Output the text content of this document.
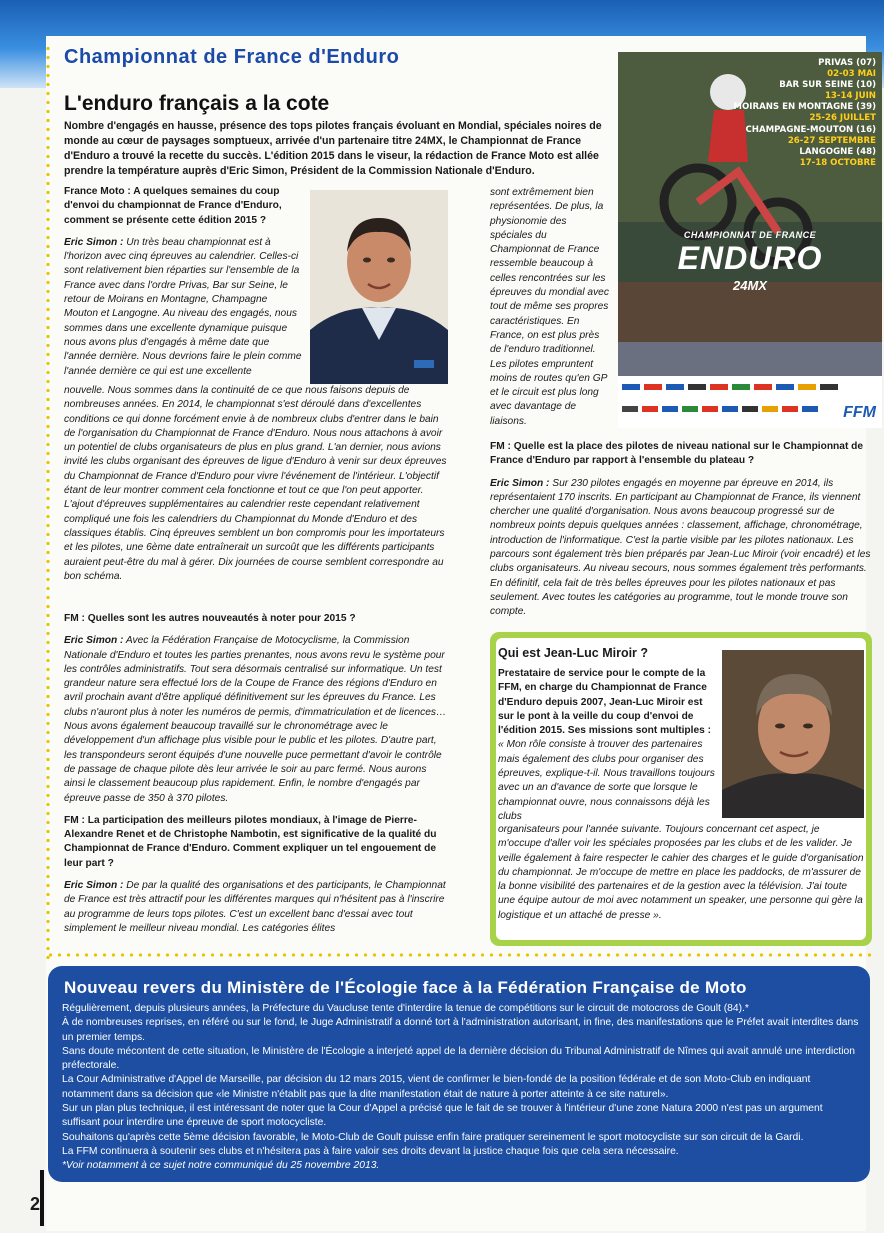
Championnat de France d'Enduro
L'enduro français a la cote

Nombre d'engagés en hausse, présence des tops pilotes français évoluant en Mondial, spéciales noires de monde au cœur de paysages somptueux, arrivée d'un partenaire titre 24MX, le Championnat de France d'Enduro a trouvé la recette du succès. L'édition 2015 dans le viseur, la rédaction de France Moto est allée prendre la température auprès d'Eric Simon, Président de la Commission Nationale d'Enduro.

France Moto : A quelques semaines du coup d'envoi du championnat de France d'Enduro, comment se présente cette édition 2015 ?

Eric Simon : Un très beau championnat est à l'horizon avec cinq épreuves au calendrier. Celles-ci sont relativement bien réparties sur l'ensemble de la France avec dans l'ordre Privas, Bar sur Seine, le retour de Moirans en Montagne, Champagne Mouton et Langogne. Au niveau des engagés, nous sommes dans une excellente dynamique puisque nous avons plus d'engagés à même date que l'année dernière. Nous devrions faire le plein comme l'année dernière ce qui est une excellente

nouvelle. Nous sommes dans la continuité de ce que nous faisons depuis de nombreuses années. En 2014, le championnat s'est déroulé dans d'excellentes conditions ce qui donne forcément envie à de nombreux clubs d'entrer dans le bain de l'organisation du Championnat de France d'Enduro. Nous nous attachons à avoir un potentiel de clubs organisateurs de plus en plus grand. L'an dernier, nous avions invité les clubs organisant des épreuves de ligue d'Enduro à venir sur deux épreuves du Championnat de France d'Enduro pour vivre l'événement de l'intérieur. L'objectif étant de leur montrer comment cela fonctionne et tout ce que l'on peut apporter. L'ajout d'épreuves supplémentaires au calendrier reste cependant relativement compliqué une fois les calendriers du Championnat du Monde d'Enduro et des classiques établis. Cinq épreuves semblent un bon compromis pour les importateurs et les pilotes, une 6ème date entraînerait un surcoût que les différents participants auraient peut-être du mal à gérer. Dix journées de course semblent correspondre au bon schéma.

FM : Quelles sont les autres nouveautés à noter pour 2015 ?

Eric Simon : Avec la Fédération Française de Motocyclisme, la Commission Nationale d'Enduro et toutes les parties prenantes, nous avons revu le système pour les contrôles administratifs. Tout sera désormais centralisé sur informatique. Un test grandeur nature sera effectué lors de la Coupe de France des régions d'Enduro en avril prochain avant d'être appliqué définitivement sur les épreuves du France. Les clubs n'auront plus à noter les numéros de permis, d'immatriculation et de licences… Nous avons également beaucoup travaillé sur le chronométrage avec le développement d'un affichage plus visible pour le public et les pilotes. D'autre part, les transpondeurs seront équipés d'une nouvelle puce permettant d'avoir le contrôle de passage de chaque pilote dès leur arrivée le soir au parc fermé. Nous aurons ainsi le classement beaucoup plus rapidement. Enfin, le nombre d'engagés par épreuve passe de 350 à 370 pilotes.

FM : La participation des meilleurs pilotes mondiaux, à l'image de Pierre-Alexandre Renet et de Christophe Nambotin, est significative de la qualité du Championnat de France d'Enduro. Comment expliquer un tel engouement de leur part ?

Eric Simon : De par la qualité des organisations et des participants, le Championnat de France est très attractif pour les différentes marques qui n'hésitent pas à l'inscrire au programme de leurs tops pilotes. C'est un excellent banc d'essai avec tout simplement le meilleur niveau mondial. Les catégories élites

sont extrêmement bien représentées. De plus, la physionomie des spéciales du Championnat de France ressemble beaucoup à celles rencontrées sur les épreuves du mondial avec tout de même ses propres caractéristiques. En France, on est plus près de l'enduro traditionnel. Les pilotes empruntent moins de routes qu'en GP et le circuit est plus long avec davantage de liaisons.

PRIVAS (07)
02-03 MAI
BAR SUR SEINE (10)
13-14 JUIN
MOIRANS EN MONTAGNE (39)
25-26 JUILLET
CHAMPAGNE-MOUTON (16)
26-27 SEPTEMBRE
LANGOGNE (48)
17-18 OCTOBRE
CHAMPIONNAT DE FRANCE
ENDURO
24MX
FFM

FM : Quelle est la place des pilotes de niveau national sur le Championnat de France d'Enduro par rapport à l'ensemble du plateau ?

Eric Simon : Sur 230 pilotes engagés en moyenne par épreuve en 2014, ils représentaient 170 inscrits. En participant au Championnat de France, ils viennent chercher une qualité d'organisation. Nous avons beaucoup progressé sur de nombreux points depuis quelques années : classement, affichage, chronométrage, introduction de l'informatique. C'est la partie visible par les pilotes nationaux. Les parcours sont également très bien préparés par Jean-Luc Miroir (voir encadré) et les clubs organisateurs. Au niveau secours, nous sommes également très performants. En définitif, cela fait de très belles épreuves pour les pilotes nationaux et pas seulement. Avec toutes les catégories au programme, tout le monde trouve son compte.

Qui est Jean-Luc Miroir ?

Prestataire de service pour le compte de la FFM, en charge du Championnat de France d'Enduro depuis 2007, Jean-Luc Miroir est sur le pont à la veille du coup d'envoi de l'édition 2015. Ses missions sont multiples : « Mon rôle consiste à trouver des partenaires mais également des clubs pour organiser des épreuves, explique-t-il. Nous travaillons toujours avec un an d'avance de sorte que lorsque le championnat ouvre, nous connaissons déjà les clubs

organisateurs pour l'année suivante. Toujours concernant cet aspect, je m'occupe d'aller voir les spéciales proposées par les clubs et de les valider. Je veille également à faire respecter le cahier des charges et le guide d'organisation du championnat. Je m'occupe de mettre en place les paddocks, de m'assurer de la bonne visibilité des partenaires et de la gestion avec la télévision. J'ai toute une équipe autour de moi avec notamment un speaker, une personne qui gère la logistique et un attaché de presse ».

Nouveau revers du Ministère de l'Écologie face à la Fédération Française de Moto
Régulièrement, depuis plusieurs années, la Préfecture du Vaucluse tente d'interdire la tenue de compétitions sur le circuit de motocross de Goult (84).*
À de nombreuses reprises, en référé ou sur le fond, le Juge Administratif a donné tort à l'administration autorisant, in fine, des manifestations que le Préfet avait interdites dans un premier temps.
Sans doute mécontent de cette situation, le Ministère de l'Écologie a interjeté appel de la dernière décision du Tribunal Administratif de Nîmes qui avait annulé une interdiction préfectorale.
La Cour Administrative d'Appel de Marseille, par décision du 12 mars 2015, vient de confirmer le bien-fondé de la position fédérale et de son Moto-Club en indiquant notamment dans sa décision que «le Ministre n'établit pas que la dite manifestation était de nature à porter atteinte à ce site naturel».
Sur un plan plus technique, il est intéressant de noter que la Cour d'Appel a précisé que le fait de se trouver à l'intérieur d'une zone Natura 2000 n'est pas un argument suffisant pour interdire une épreuve de sport motocycliste.
Souhaitons qu'après cette 5ème décision favorable, le Moto-Club de Goult puisse enfin faire pratiquer sereinement le sport motocycliste sur son circuit de la Gardi.
La FFM continuera à soutenir ses clubs et n'hésitera pas à faire valoir ses droits devant la justice chaque fois que cela sera nécessaire.
*Voir notamment à ce sujet notre communiqué du 25 novembre 2013.
2
